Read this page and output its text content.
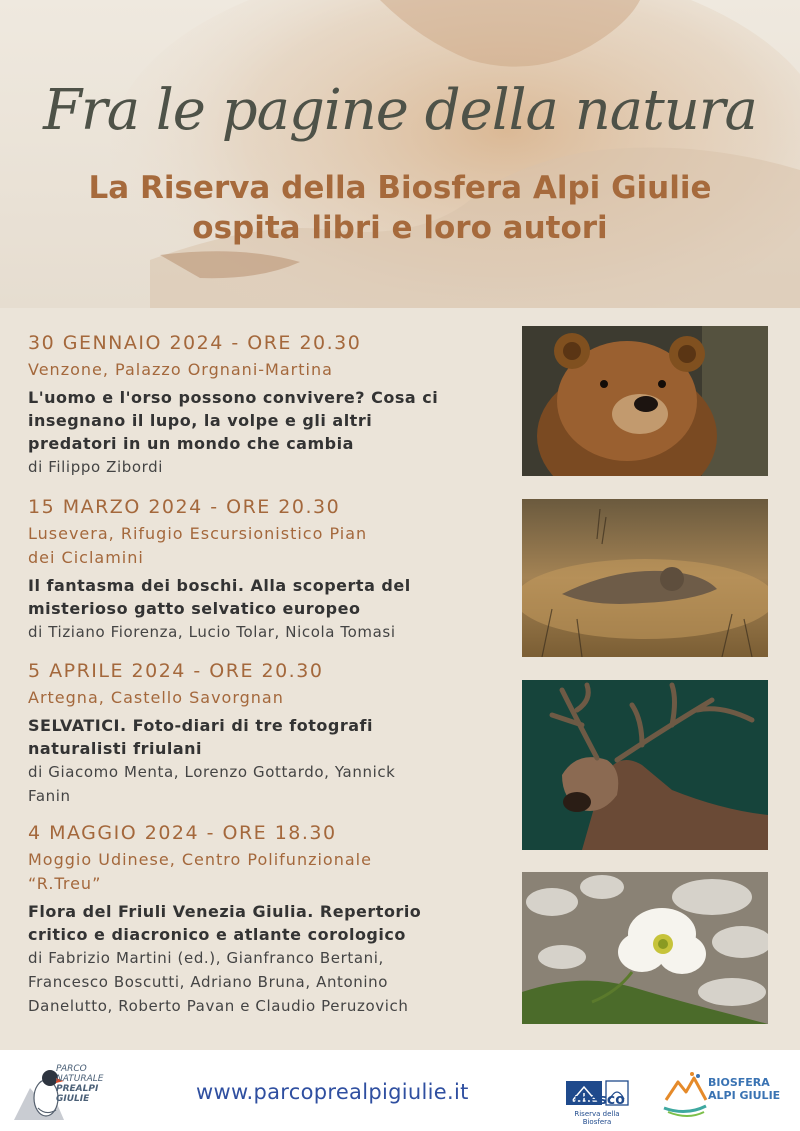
Fra le pagine della natura
La Riserva della Biosfera Alpi Giulie
ospita libri e loro autori
30 GENNAIO 2024 - ORE 20.30
Venzone, Palazzo Orgnani-Martina
L'uomo e l'orso possono convivere? Cosa ci
insegnano il lupo, la volpe e gli altri
predatori in un mondo che cambia
di Filippo Zibordi
15 MARZO 2024 - ORE 20.30
Lusevera, Rifugio Escursionistico Pian
dei Ciclamini
Il fantasma dei boschi. Alla scoperta del
misterioso gatto selvatico europeo
di Tiziano Fiorenza, Lucio Tolar, Nicola Tomasi
5 APRILE 2024 - ORE 20.30
Artegna, Castello Savorgnan
SELVATICI. Foto-diari di tre fotografi
naturalisti friulani
di Giacomo Menta, Lorenzo Gottardo, Yannick
Fanin
4 MAGGIO 2024 - ORE 18.30
Moggio Udinese, Centro Polifunzionale
“R.Treu”
Flora del Friuli Venezia Giulia. Repertorio
critico e diacronico e atlante corologico
di Fabrizio Martini (ed.), Gianfranco Bertani,
Francesco Boscutti, Adriano Bruna, Antonino
Danelutto, Roberto Pavan e Claudio Peruzovich
PARCO
NATURALE
PREALPI
GIULIE	www.parcoprealpigiulie.it	unesco
Riserva della Biosfera
BIOSFERA
ALPI GIULIE
